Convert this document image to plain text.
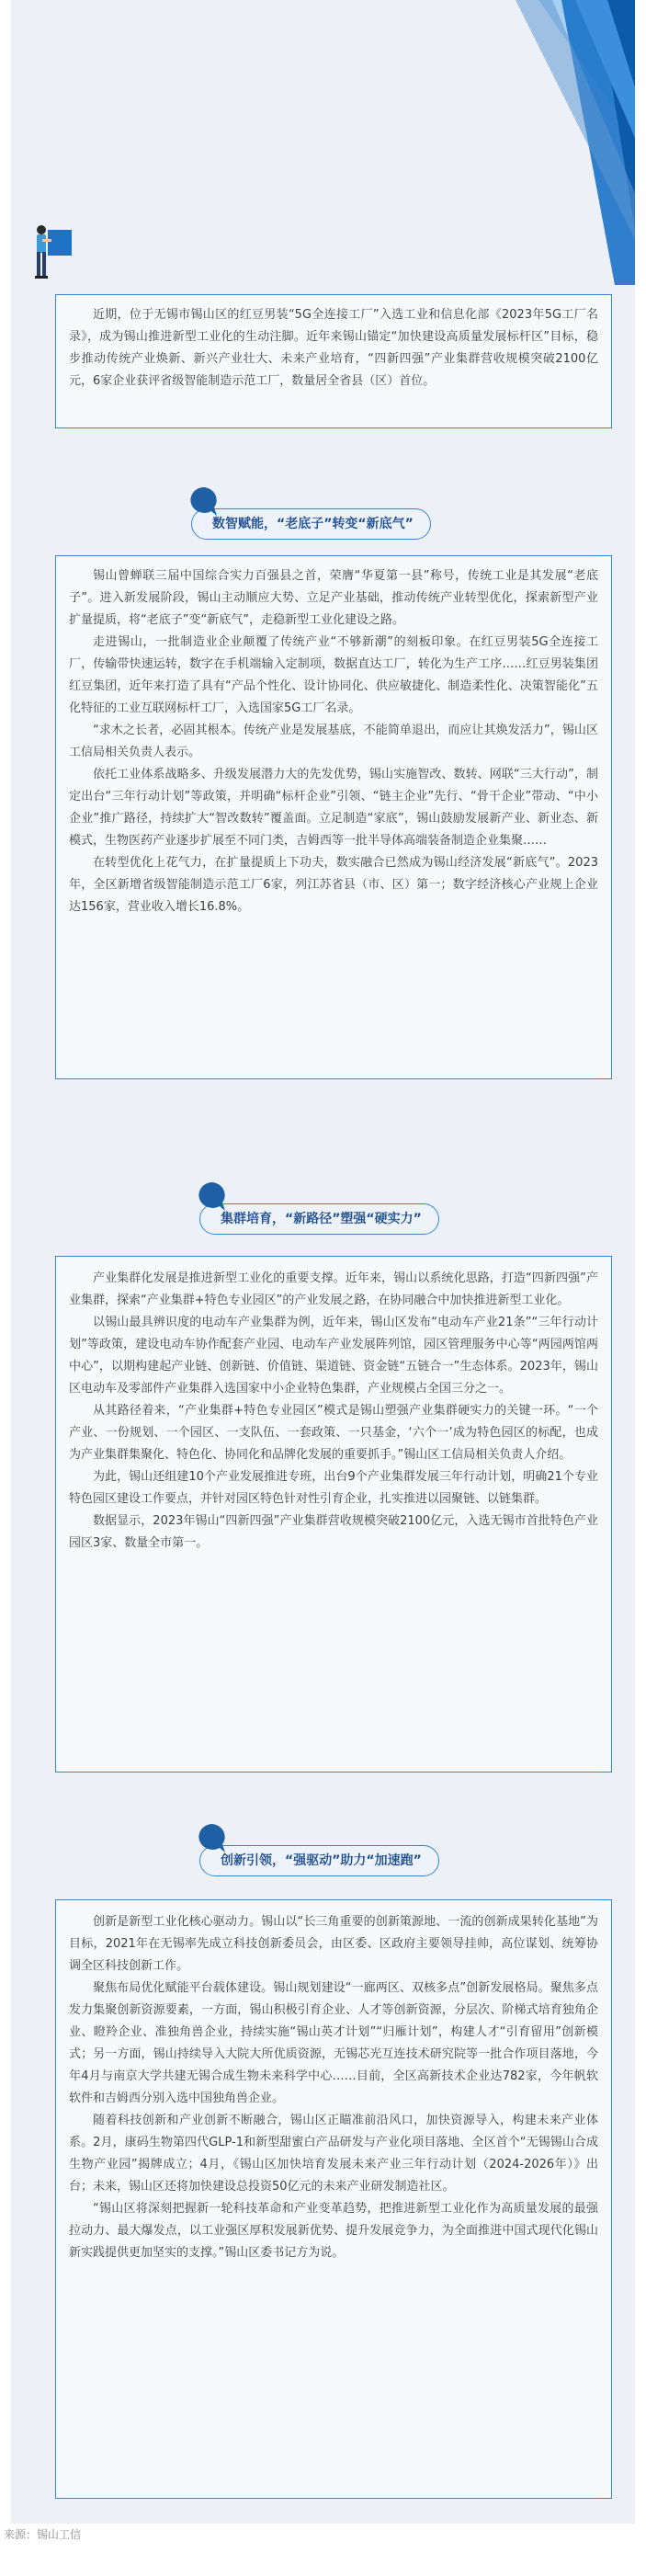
近期，位于无锡市锡山区的红豆男装“5G全连接工厂”入选工业和信息化部《2023年5G工厂名录》，成为锡山推进新型工业化的生动注脚。近年来锡山锚定“加快建设高质量发展标杆区”目标，稳步推动传统产业焕新、新兴产业壮大、未来产业培育，“四新四强”产业集群营收规模突破2100亿元，6家企业获评省级智能制造示范工厂，数量居全省县（区）首位。

数智赋能，“老底子”转变“新底气”

锡山曾蝉联三届中国综合实力百强县之首，荣膺“华夏第一县”称号，传统工业是其发展“老底子”。进入新发展阶段，锡山主动顺应大势、立足产业基础，推动传统产业转型优化，探索新型产业扩量提质，将“老底子”变“新底气”，走稳新型工业化建设之路。

走进锡山，一批制造业企业颠覆了传统产业“不够新潮”的刻板印象。在红豆男装5G全连接工厂，传输带快速运转，数字在手机端输入定制项，数据直达工厂，转化为生产工序……红豆男装集团红豆集团，近年来打造了具有“产品个性化、设计协同化、供应敏捷化、制造柔性化、决策智能化”五化特征的工业互联网标杆工厂，入选国家5G工厂名录。

“求木之长者，必固其根本。传统产业是发展基底，不能简单退出，而应让其焕发活力”，锡山区工信局相关负责人表示。

依托工业体系战略多、升级发展潜力大的先发优势，锡山实施智改、数转、网联“三大行动”，制定出台“三年行动计划”等政策，并明确“标杆企业”引领、“链主企业”先行、“骨干企业”带动、“中小企业”推广路径，持续扩大“智改数转”覆盖面。立足制造“家底”，锡山鼓励发展新产业、新业态、新模式，生物医药产业逐步扩展至不同门类，吉姆西等一批半导体高端装备制造企业集聚……

在转型优化上花气力，在扩量提质上下功夫，数实融合已然成为锡山经济发展“新底气”。2023年，全区新增省级智能制造示范工厂6家，列江苏省县（市、区）第一；数字经济核心产业规上企业达156家，营业收入增长16.8%。

集群培育，“新路径”塑强“硬实力”

产业集群化发展是推进新型工业化的重要支撑。近年来，锡山以系统化思路，打造“四新四强”产业集群，探索“产业集群+特色专业园区”的产业发展之路，在协同融合中加快推进新型工业化。

以锡山最具辨识度的电动车产业集群为例，近年来，锡山区发布“电动车产业21条”“三年行动计划”等政策，建设电动车协作配套产业园、电动车产业发展阵列馆，园区管理服务中心等“两园两馆两中心”，以期构建起产业链、创新链、价值链、渠道链、资金链“五链合一”生态体系。2023年，锡山区电动车及零部件产业集群入选国家中小企业特色集群，产业规模占全国三分之一。

从其路径着来，“产业集群+特色专业园区”模式是锡山塑强产业集群硬实力的关键一环。“一个产业、一份规划、一个园区、一支队伍、一套政策、一只基金，‘六个一’成为特色园区的标配，也成为产业集群集聚化、特色化、协同化和品牌化发展的重要抓手。”锡山区工信局相关负责人介绍。

为此，锡山还组建10个产业发展推进专班，出台9个产业集群发展三年行动计划，明确21个专业特色园区建设工作要点，并针对园区特色针对性引育企业，扎实推进以园聚链、以链集群。

数据显示，2023年锡山“四新四强”产业集群营收规模突破2100亿元，入选无锡市首批特色产业园区3家、数量全市第一。

创新引领，“强驱动”助力“加速跑”

创新是新型工业化核心驱动力。锡山以“长三角重要的创新策源地、一流的创新成果转化基地”为目标，2021年在无锡率先成立科技创新委员会，由区委、区政府主要领导挂帅，高位谋划、统筹协调全区科技创新工作。

聚焦布局优化赋能平台载体建设。锡山规划建设“一廊两区、双核多点”创新发展格局。聚焦多点发力集聚创新资源要素，一方面，锡山积极引育企业、人才等创新资源，分层次、阶梯式培育独角企业、瞪羚企业、准独角兽企业，持续实施“锡山英才计划”“归雁计划”，构建人才“引育留用”创新模式；另一方面，锡山持续导入大院大所优质资源，无锡芯光互连技术研究院等一批合作项目落地，今年4月与南京大学共建无锡合成生物未来科学中心……目前，全区高新技术企业达782家，今年帆软软件和吉姆西分别入选中国独角兽企业。

随着科技创新和产业创新不断融合，锡山区正瞄准前沿风口，加快资源导入，构建未来产业体系。2月，康码生物第四代GLP-1和新型甜蜜白产品研发与产业化项目落地、全区首个“无锡锡山合成生物产业园”揭牌成立；4月，《锡山区加快培育发展未来产业三年行动计划（2024-2026年）》出台；未来，锡山区还将加快建设总投资50亿元的未来产业研发制造社区。

“锡山区将深刻把握新一轮科技革命和产业变革趋势，把推进新型工业化作为高质量发展的最强拉动力、最大爆发点，以工业强区厚积发展新优势、提升发展竞争力，为全面推进中国式现代化锡山新实践提供更加坚实的支撑。”锡山区委书记方为说。

来源：锡山工信
